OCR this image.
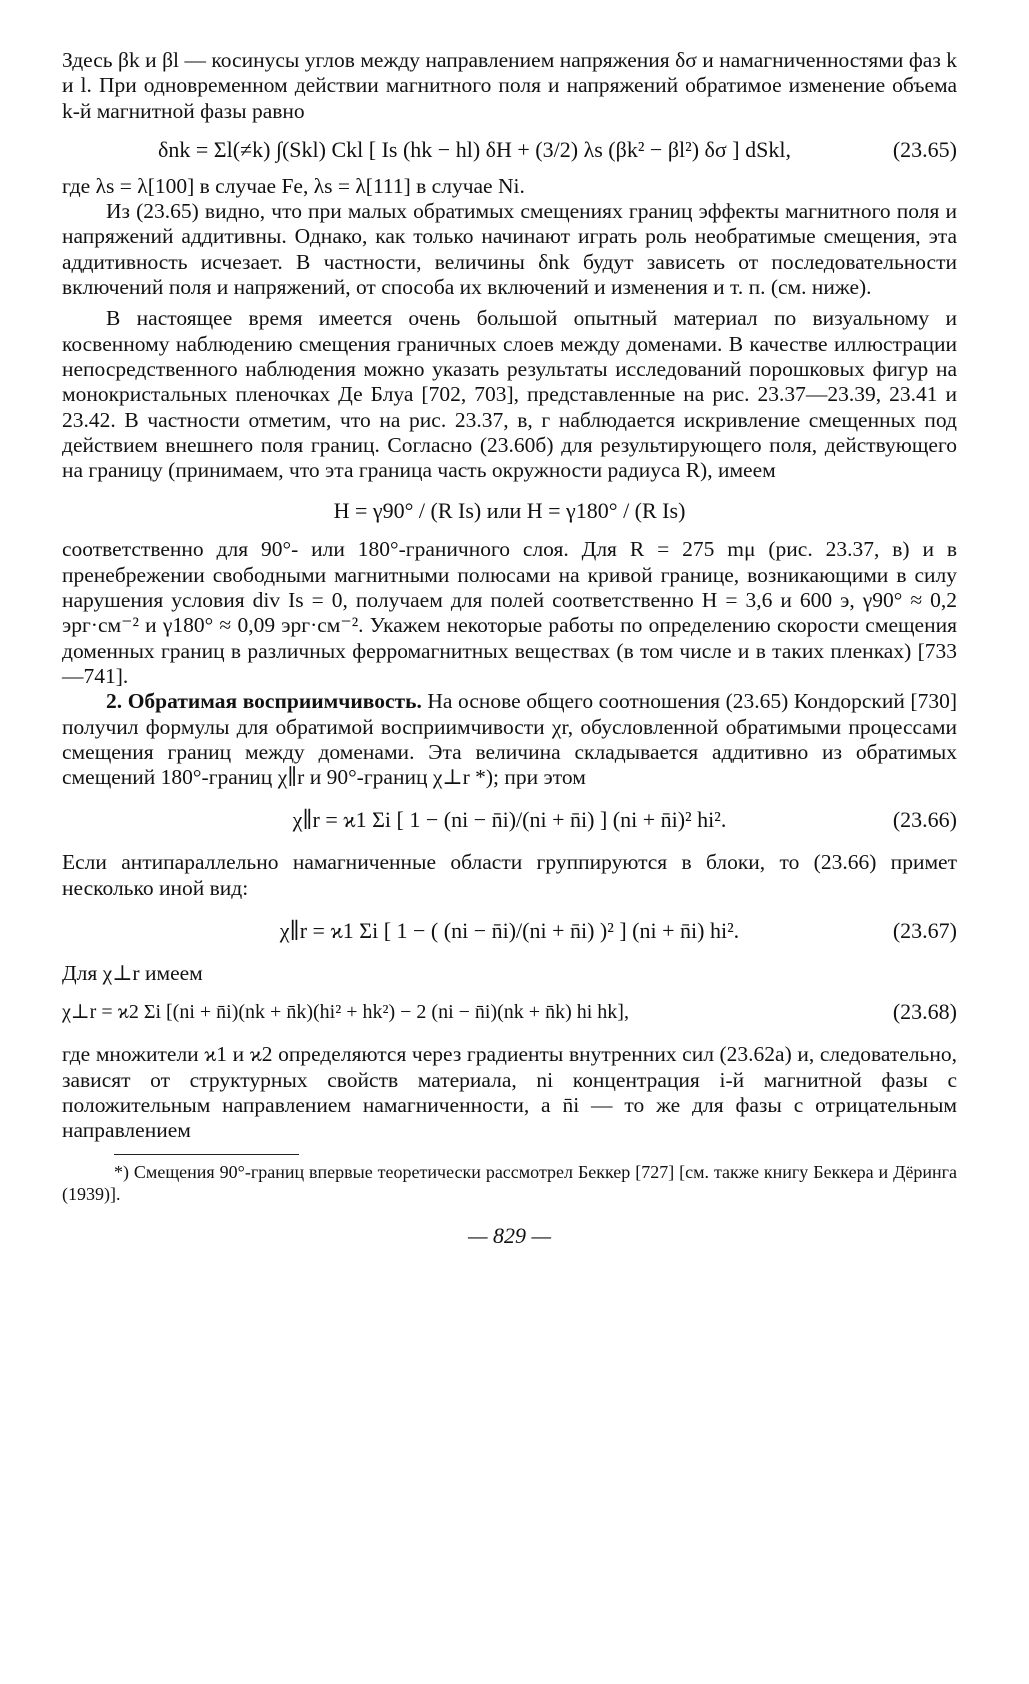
Здесь βk и βl — косинусы углов между направлением напряжения δσ и намагниченностями фаз k и l. При одновременном действии магнитного поля и напряжений обратимое изменение объема k-й магнитной фазы равно

δnk = Σl(≠k) ∫(Skl) Ckl [ Is (hk − hl) δH + (3/2) λs (βk² − βl²) δσ ] dSkl,	(23.65)

где λs = λ[100] в случае Fe, λs = λ[111] в случае Ni.

Из (23.65) видно, что при малых обратимых смещениях границ эффекты магнитного поля и напряжений аддитивны. Однако, как только начинают играть роль необратимые смещения, эта аддитивность исчезает. В частности, величины δnk будут зависеть от последовательности включений поля и напряжений, от способа их включений и изменения и т. п. (см. ниже).

В настоящее время имеется очень большой опытный материал по визуальному и косвенному наблюдению смещения граничных слоев между доменами. В качестве иллюстрации непосредственного наблюдения можно указать результаты исследований порошковых фигур на монокристальных пленочках Де Блуа [702, 703], представленные на рис. 23.37—23.39, 23.41 и 23.42. В частности отметим, что на рис. 23.37, в, г наблюдается искривление смещенных под действием внешнего поля границ. Согласно (23.60б) для результирующего поля, действующего на границу (принимаем, что эта граница часть окружности радиуса R), имеем

H = γ90° / (R Is) или H = γ180° / (R Is)

соответственно для 90°- или 180°-граничного слоя. Для R = 275 mμ (рис. 23.37, в) и в пренебрежении свободными магнитными полюсами на кривой границе, возникающими в силу нарушения условия div Is = 0, получаем для полей соответственно H = 3,6 и 600 э, γ90° ≈ 0,2 эрг·см⁻² и γ180° ≈ 0,09 эрг·см⁻². Укажем некоторые работы по определению скорости смещения доменных границ в различных ферромагнитных веществах (в том числе и в таких пленках) [733—741].

2. Обратимая восприимчивость. На основе общего соотношения (23.65) Кондорский [730] получил формулы для обратимой восприимчивости χr, обусловленной обратимыми процессами смещения границ между доменами. Эта величина складывается аддитивно из обратимых смещений 180°-границ χ∥r и 90°-границ χ⊥r *); при этом

χ∥r = ϰ1 Σi [ 1 − (ni − n̄i)/(ni + n̄i) ] (ni + n̄i)² hi².	(23.66)

Если антипараллельно намагниченные области группируются в блоки, то (23.66) примет несколько иной вид:

χ∥r = ϰ1 Σi [ 1 − ( (ni − n̄i)/(ni + n̄i) )² ] (ni + n̄i) hi².	(23.67)

Для χ⊥r имеем

χ⊥r = ϰ2 Σi [(ni + n̄i)(nk + n̄k)(hi² + hk²) − 2 (ni − n̄i)(nk + n̄k) hi hk],	(23.68)

где множители ϰ1 и ϰ2 определяются через градиенты внутренних сил (23.62а) и, следовательно, зависят от структурных свойств материала, ni концентрация i-й магнитной фазы с положительным направлением намагниченности, а n̄i — то же для фазы с отрицательным направлением

*) Смещения 90°-границ впервые теоретически рассмотрел Беккер [727] [см. также книгу Беккера и Дёринга (1939)].

— 829 —
